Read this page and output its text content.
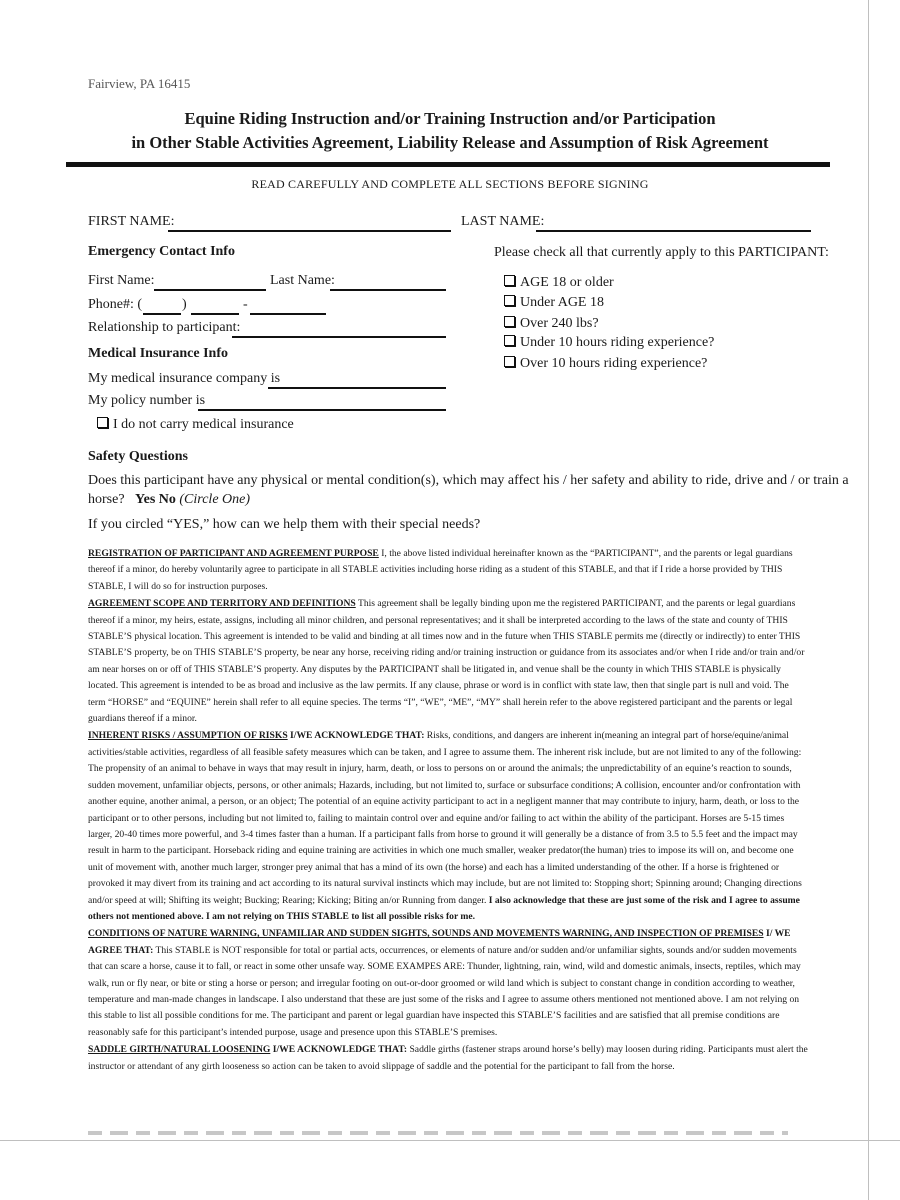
Fairview, PA 16415
Equine Riding Instruction and/or Training Instruction and/or Participation
in Other Stable Activities Agreement, Liability Release and Assumption of Risk Agreement
READ CAREFULLY AND COMPLETE ALL SECTIONS BEFORE SIGNING
FIRST NAME:	LAST NAME:
Emergency Contact Info
First Name:	Last Name:
Phone#: (	)	-
Relationship to participant:
Please check all that currently apply to this PARTICIPANT:
AGE 18 or older
Under AGE 18
Over 240 lbs?
Under 10 hours riding experience?
Over 10 hours riding experience?
Medical Insurance Info
My medical insurance company is
My policy number is
I do not carry medical insurance
Safety Questions
Does this participant have any physical or mental condition(s), which may affect his / her safety and ability to ride, drive and / or train a
horse? Yes No (Circle One)
If you circled “YES,” how can we help them with their special needs?

REGISTRATION OF PARTICIPANT AND AGREEMENT PURPOSE I, the above listed individual hereinafter known as the “PARTICIPANT”, and the parents or legal guardians thereof if a minor, do hereby voluntarily agree to participate in all STABLE activities including horse riding as a student of this STABLE, and that if I ride a horse provided by THIS STABLE, I will do so for instruction purposes.

AGREEMENT SCOPE AND TERRITORY AND DEFINITIONS This agreement shall be legally binding upon me the registered PARTICIPANT, and the parents or legal guardians thereof if a minor, my heirs, estate, assigns, including all minor children, and personal representatives; and it shall be interpreted according to the laws of the state and county of THIS STABLE’S physical location. This agreement is intended to be valid and binding at all times now and in the future when THIS STABLE permits me (directly or indirectly) to enter THIS STABLE’S property, be on THIS STABLE’S property, be near any horse, receiving riding and/or training instruction or guidance from its associates and/or when I ride and/or train and/or am near horses on or off of THIS STABLE’S property. Any disputes by the PARTICIPANT shall be litigated in, and venue shall be the county in which THIS STABLE is physically located. This agreement is intended to be as broad and inclusive as the law permits. If any clause, phrase or word is in conflict with state law, then that single part is null and void. The term “HORSE” and “EQUINE” herein shall refer to all equine species. The terms “I”, “WE”, “ME”, “MY” shall herein refer to the above registered participant and the parents or legal guardians thereof if a minor.

INHERENT RISKS / ASSUMPTION OF RISKS I/WE ACKNOWLEDGE THAT: Risks, conditions, and dangers are inherent in(meaning an integral part of horse/equine/animal activities/stable activities, regardless of all feasible safety measures which can be taken, and I agree to assume them. The inherent risk include, but are not limited to any of the following: The propensity of an animal to behave in ways that may result in injury, harm, death, or loss to persons on or around the animals; the unpredictability of an equine’s reaction to sounds, sudden movement, unfamiliar objects, persons, or other animals; Hazards, including, but not limited to, surface or subsurface conditions; A collision, encounter and/or confrontation with another equine, another animal, a person, or an object; The potential of an equine activity participant to act in a negligent manner that may contribute to injury, harm, death, or loss to the participant or to other persons, including but not limited to, failing to maintain control over and equine and/or failing to act within the ability of the participant. Horses are 5-15 times larger, 20-40 times more powerful, and 3-4 times faster than a human. If a participant falls from horse to ground it will generally be a distance of from 3.5 to 5.5 feet and the impact may result in harm to the participant. Horseback riding and equine training are activities in which one much smaller, weaker predator(the human) tries to impose its will on, and become one unit of movement with, another much larger, stronger prey animal that has a mind of its own (the horse) and each has a limited understanding of the other. If a horse is frightened or provoked it may divert from its training and act according to its natural survival instincts which may include, but are not limited to: Stopping short; Spinning around; Changing directions and/or speed at will; Shifting its weight; Bucking; Rearing; Kicking; Biting an/or Running from danger. I also acknowledge that these are just some of the risk and I agree to assume others not mentioned above. I am not relying on THIS STABLE to list all possible risks for me.

CONDITIONS OF NATURE WARNING, UNFAMILIAR AND SUDDEN SIGHTS, SOUNDS AND MOVEMENTS WARNING, AND INSPECTION OF PREMISES I/ WE AGREE THAT: This STABLE is NOT responsible for total or partial acts, occurrences, or elements of nature and/or sudden and/or unfamiliar sights, sounds and/or sudden movements that can scare a horse, cause it to fall, or react in some other unsafe way. SOME EXAMPES ARE: Thunder, lightning, rain, wind, wild and domestic animals, insects, reptiles, which may walk, run or fly near, or bite or sting a horse or person; and irregular footing on out-or-door groomed or wild land which is subject to constant change in condition according to weather, temperature and man-made changes in landscape. I also understand that these are just some of the risks and I agree to assume others mentioned not mentioned above. I am not relying on this stable to list all possible conditions for me. The participant and parent or legal guardian have inspected this STABLE’S facilities and are satisfied that all premise conditions are reasonably safe for this participant’s intended purpose, usage and presence upon this STABLE’S premises.

SADDLE GIRTH/NATURAL LOOSENING I/WE ACKNOWLEDGE THAT: Saddle girths (fastener straps around horse’s belly) may loosen during riding. Participants must alert the instructor or attendant of any girth looseness so action can be taken to avoid slippage of saddle and the potential for the participant to fall from the horse.
